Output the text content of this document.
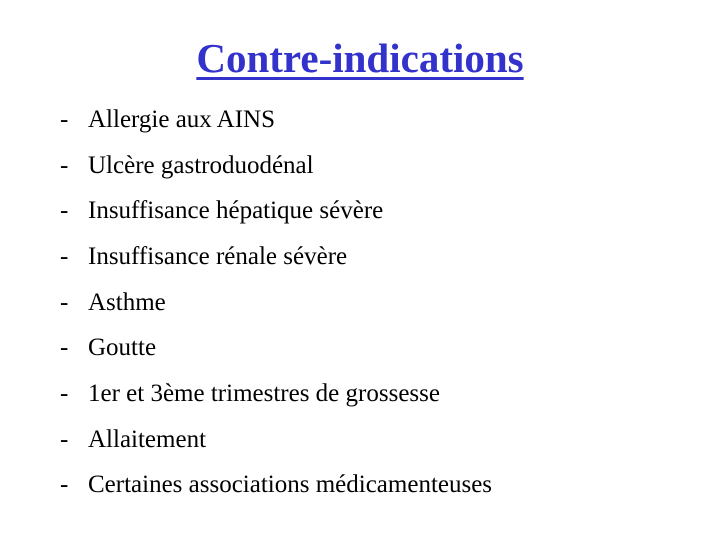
Contre-indications
- Allergie aux AINS
- Ulcère gastroduodénal
- Insuffisance hépatique sévère
- Insuffisance rénale sévère
- Asthme
- Goutte
- 1er et 3ème trimestres de grossesse
- Allaitement
- Certaines associations médicamenteuses
